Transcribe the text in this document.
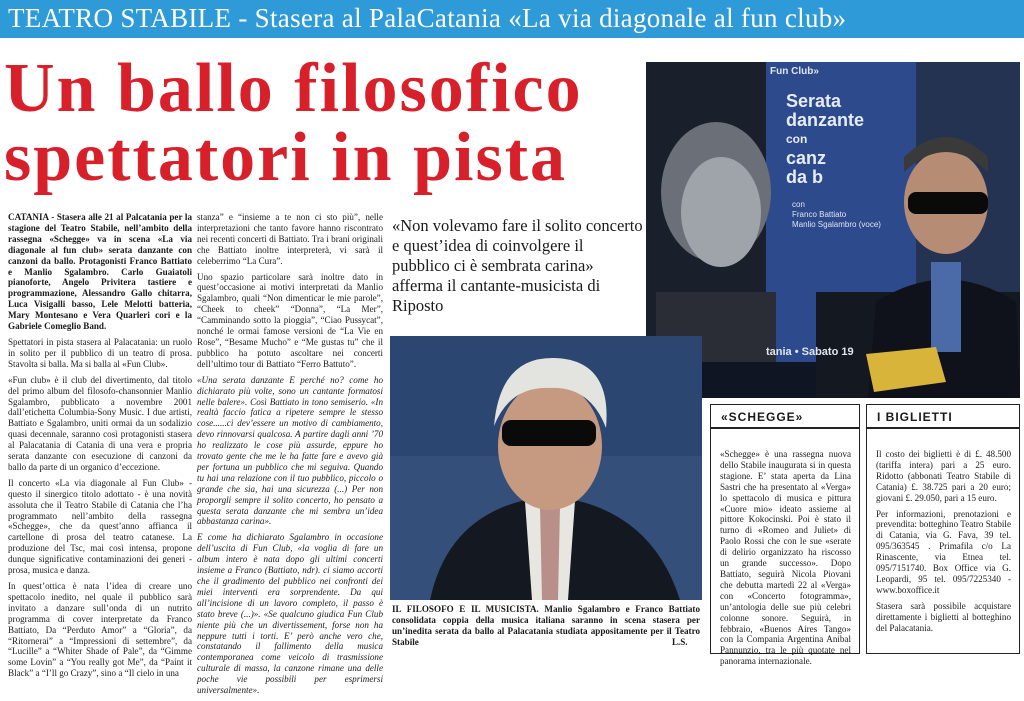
TEATRO STABILE - Stasera al PalaCatania «La via diagonale al fun club»
Un ballo filosofico
spettatori in pista

CATANIA - Stasera alle 21 al Palcatania per la stagione del Teatro Stabile, nell’ambito della rassegna «Schegge» va in scena «La via diagonale al fun club» serata danzante con canzoni da ballo. Protagonisti Franco Battiato e Manlio Sgalambro. Carlo Guaiatoli pianoforte, Angelo Privitera tastiere e programmazione, Alessandro Gallo chitarra, Luca Visigalli basso, Lele Melotti batteria, Mary Montesano e Vera Quarleri cori e la Gabriele Comeglio Band.

Spettatori in pista stasera al Palacatania: un ruolo in solito per il pubblico di un teatro di prosa. Stavolta si balla. Ma si balla al «Fun Club».

«Fun club» è il club del divertimento, dal titolo del primo album del filosofo-chansonnier Manlio Sgalambro, pubblicato a novembre 2001 dall’etichetta Columbia-Sony Music. I due artisti, Battiato e Sgalambro, uniti ormai da un sodalizio quasi decennale, saranno così protagonisti stasera al Palacatania di Catania di una vera e propria serata danzante con esecuzione di canzoni da ballo da parte di un organico d’eccezione.

Il concerto «La via diagonale al Fun Club» - questo il sinergico titolo adottato - è una novità assoluta che il Teatro Stabile di Catania che l’ha programmato nell’ambito della rassegna «Schegge», che da quest’anno affianca il cartellone di prosa del teatro catanese. La produzione del Tsc, mai così intensa, propone dunque significative contaminazioni dei generi - prosa, musica e danza.

In quest’ottica è nata l’idea di creare uno spettacolo inedito, nel quale il pubblico sarà invitato a danzare sull’onda di un nutrito programma di cover interpretate da Franco Battiato, Da “Perduto Amor” a “Gloria”, da “Ritornerai” a “Impressioni di settembre”, da “Lucille” a “Whiter Shade of Pale”, da “Gimme some Lovin” a “You really got Me”, da “Paint it Black” a “I’ll go Crazy”, sino a “Il cielo in una

stanza” e “insieme a te non ci sto più”, nelle interpretazioni che tanto favore hanno riscontrato nei recenti concerti di Battiato. Tra i brani originali che Battiato inoltre interpreterà, vi sarà il celeberrimo “La Cura”.

Uno spazio particolare sarà inoltre dato in quest’occasione ai motivi interpretati da Manlio Sgalambro, quali “Non dimenticar le mie parole”, “Cheek to cheek” “Donna”, “La Mer”, “Camminando sotto la pioggia”, “Ciao Pussycat”, nonché le ormai famose versioni de “La Vie en Rose”, “Besame Mucho” e “Me gustas tu” che il pubblico ha potuto ascoltare nei concerti dell’ultimo tour di Battiato “Ferro Battuto”.

«Una serata danzante E perché no? come ho dichiarato più volte, sono un cantante formatosi nelle balere». Così Battiato in tono semiserio. «In realtà faccio fatica a ripetere sempre le stesso cose......ci dev’essere un motivo di cambiamento, devo rinnovarsi qualcosa. A partire dagli anni ’70 ho realizzato le cose più assurde, eppure ho trovato gente che me le ha fatte fare e avevo già per fortuna un pubblico che mi seguiva. Quando tu hai una relazione con il tuo pubblico, piccolo o grande che sia, hai una sicurezza (...) Per non proporgli sempre il solito concerto, ho pensato a questa serata danzante che mi sembra un’idea abbastanza carina».

E come ha dichiarato Sgalambro in occasione dell’uscita di Fun Club, «la voglia di fare un album intero è nata dopo gli ultimi concerti insieme a Franco (Battiato, ndr). ci siamo accorti che il gradimento del pubblico nei confronti dei miei interventi era sorprendente. Da qui all’incisione di un lavoro completo, il passo è stato breve (...)». «Se qualcuno giudica Fun Club niente più che un divertissement, forse non ha neppure tutti i torti. E’ però anche vero che, constatando il fallimento della musica contemporanea come veicolo di trasmissione culturale di massa, la canzone rimane una delle poche vie possibili per esprimersi universalmente».

«Non volevamo fare il solito concerto e quest’idea di coinvolgere il pubblico ci è sembrata carina» afferma il cantante-musicista di Riposto
Serata
danzante
con
canz
da b
con
Franco Battiato
Manlio Sgalambro (voce)
Fun Club»
tania • Sabato 19
IL FILOSOFO E IL MUSICISTA. Manlio Sgalambro e Franco Battiato consolidata coppia della musica italiana saranno in scena stasera per un’inedita serata da ballo al Palacatania studiata appositamente per il Teatro Stabile	L.S.
«SCHEGGE»

«Schegge» è una rassegna nuova dello Stabile inaugurata si in questa stagione. E’ stata aperta da Lina Sastri che ha presentato al «Verga» lo spettacolo di musica e pittura «Cuore mio» ideato assieme al pittore Kokocinski. Poi è stato il turno di «Romeo and Juliet» di Paolo Rossi che con le sue «serate di delirio organizzato ha riscosso un grande successo». Dopo Battiato, seguirà Nicola Piovani che debutta martedì 22 al «Verga» con «Concerto fotogramma», un’antologia delle sue più celebri colonne sonore. Seguirà, in febbraio, «Buenos Aires Tango» con la Compania Argentina Anibal Pannunzio, tra le più quotate nel panorama internazionale.

I BIGLIETTI

Il costo dei biglietti è di £. 48.500 (tariffa intera) pari a 25 euro. Ridotto (abbonati Teatro Stabile di Catania) £. 38.725 pari a 20 euro; giovani £. 29.050, pari a 15 euro.

Per informazioni, prenotazioni e prevendita: botteghino Teatro Stabile di Catania, via G. Fava, 39 tel. 095/363545 . Primafila c/o La Rinascente, via Etnea tel. 095/7151740. Box Office via G. Leopardi, 95 tel. 095/7225340 - www.boxoffice.it

Stasera sarà possibile acquistare direttamente i biglietti al botteghino del Palacatania.
